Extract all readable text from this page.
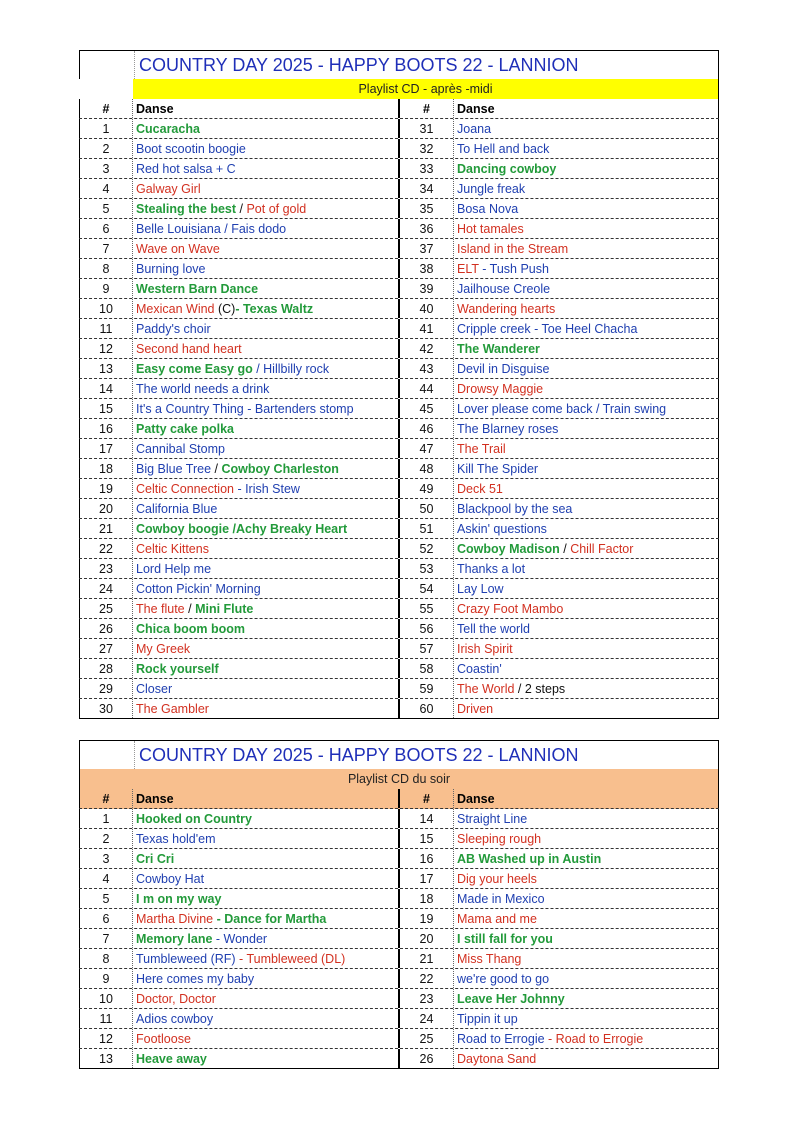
COUNTRY DAY 2025 - HAPPY BOOTS 22 - LANNION
Playlist CD - après -midi
#	Danse	#	Danse
1	Cucaracha	31	Joana
2	Boot scootin boogie	32	To Hell and back
3	Red hot salsa + C	33	Dancing cowboy
4	Galway Girl	34	Jungle freak
5	Stealing the best / Pot of gold	35	Bosa Nova
6	Belle Louisiana / Fais dodo	36	Hot tamales
7	Wave on Wave	37	Island in the Stream
8	Burning love	38	ELT - Tush Push
9	Western Barn Dance	39	Jailhouse Creole
10	Mexican Wind (C)- Texas Waltz	40	Wandering hearts
11	Paddy's choir	41	Cripple creek - Toe Heel Chacha
12	Second hand heart	42	The Wanderer
13	Easy come Easy go / Hillbilly rock	43	Devil in Disguise
14	The world needs a drink	44	Drowsy Maggie
15	It's a Country Thing - Bartenders stomp	45	Lover please come back / Train swing
16	Patty cake polka	46	The Blarney roses
17	Cannibal Stomp	47	The Trail
18	Big Blue Tree / Cowboy Charleston	48	Kill The Spider
19	Celtic Connection - Irish Stew	49	Deck 51
20	California Blue	50	Blackpool by the sea
21	Cowboy boogie /Achy Breaky Heart	51	Askin' questions
22	Celtic Kittens	52	Cowboy Madison / Chill Factor
23	Lord Help me	53	Thanks a lot
24	Cotton Pickin' Morning	54	Lay Low
25	The flute / Mini Flute	55	Crazy Foot Mambo
26	Chica boom boom	56	Tell the world
27	My Greek	57	Irish Spirit
28	Rock yourself	58	Coastin'
29	Closer	59	The World / 2 steps
30	The Gambler	60	Driven
COUNTRY DAY 2025 - HAPPY BOOTS 22 - LANNION
Playlist CD du soir
#	Danse	#	Danse
1	Hooked on Country	14	Straight Line
2	Texas hold'em	15	Sleeping rough
3	Cri Cri	16	AB Washed up in Austin
4	Cowboy Hat	17	Dig your heels
5	I m on my way	18	Made in Mexico
6	Martha Divine - Dance for Martha	19	Mama and me
7	Memory lane - Wonder	20	I still fall for you
8	Tumbleweed (RF) - Tumbleweed (DL)	21	Miss Thang
9	Here comes my baby	22	we're good to go
10	Doctor, Doctor	23	Leave Her Johnny
11	Adios cowboy	24	Tippin it up
12	Footloose	25	Road to Errogie - Road to Errogie
13	Heave away	26	Daytona Sand
